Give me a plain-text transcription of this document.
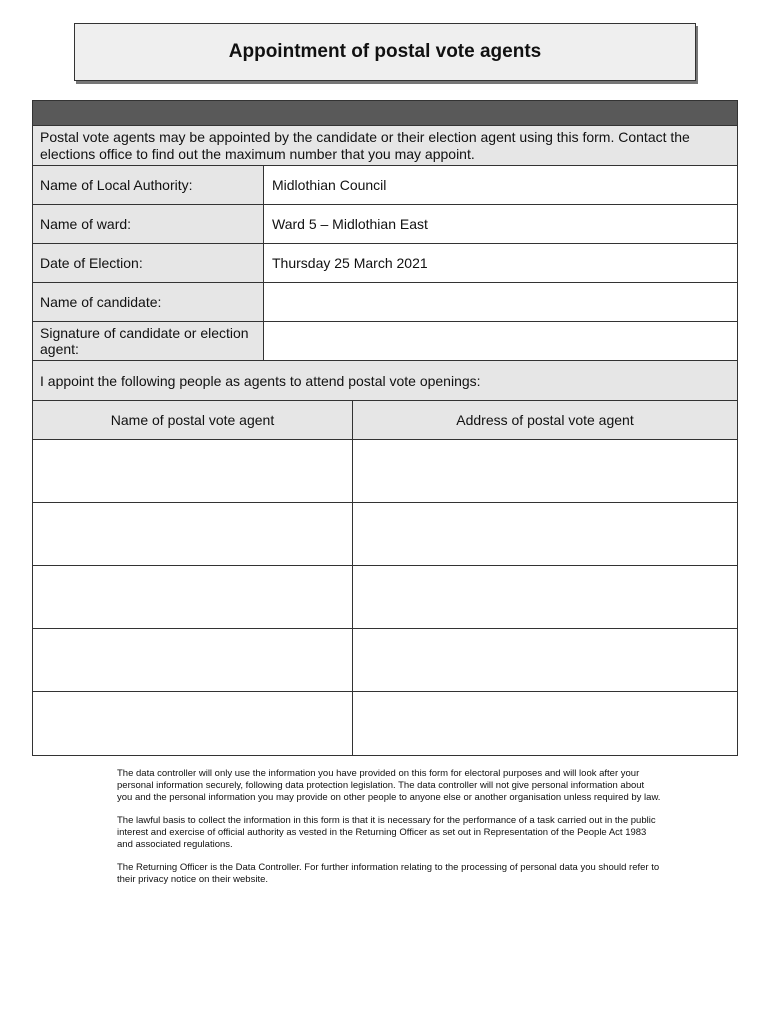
Appointment of postal vote agents
Postal vote agents may be appointed by the candidate or their election agent using this form. Contact the elections office to find out the maximum number that you may appoint.
Name of Local Authority:	Midlothian Council
Name of ward:	Ward 5 – Midlothian East
Date of Election:	Thursday 25 March 2021
Name of candidate:
Signature of candidate or election agent:
I appoint the following people as agents to attend postal vote openings:
Name of postal vote agent	Address of postal vote agent

The data controller will only use the information you have provided on this form for electoral purposes and will look after your personal information securely, following data protection legislation. The data controller will not give personal information about you and the personal information you may provide on other people to anyone else or another organisation unless required by law.

The lawful basis to collect the information in this form is that it is necessary for the performance of a task carried out in the public interest and exercise of official authority as vested in the Returning Officer as set out in Representation of the People Act 1983 and associated regulations.

The Returning Officer is the Data Controller. For further information relating to the processing of personal data you should refer to their privacy notice on their website.
